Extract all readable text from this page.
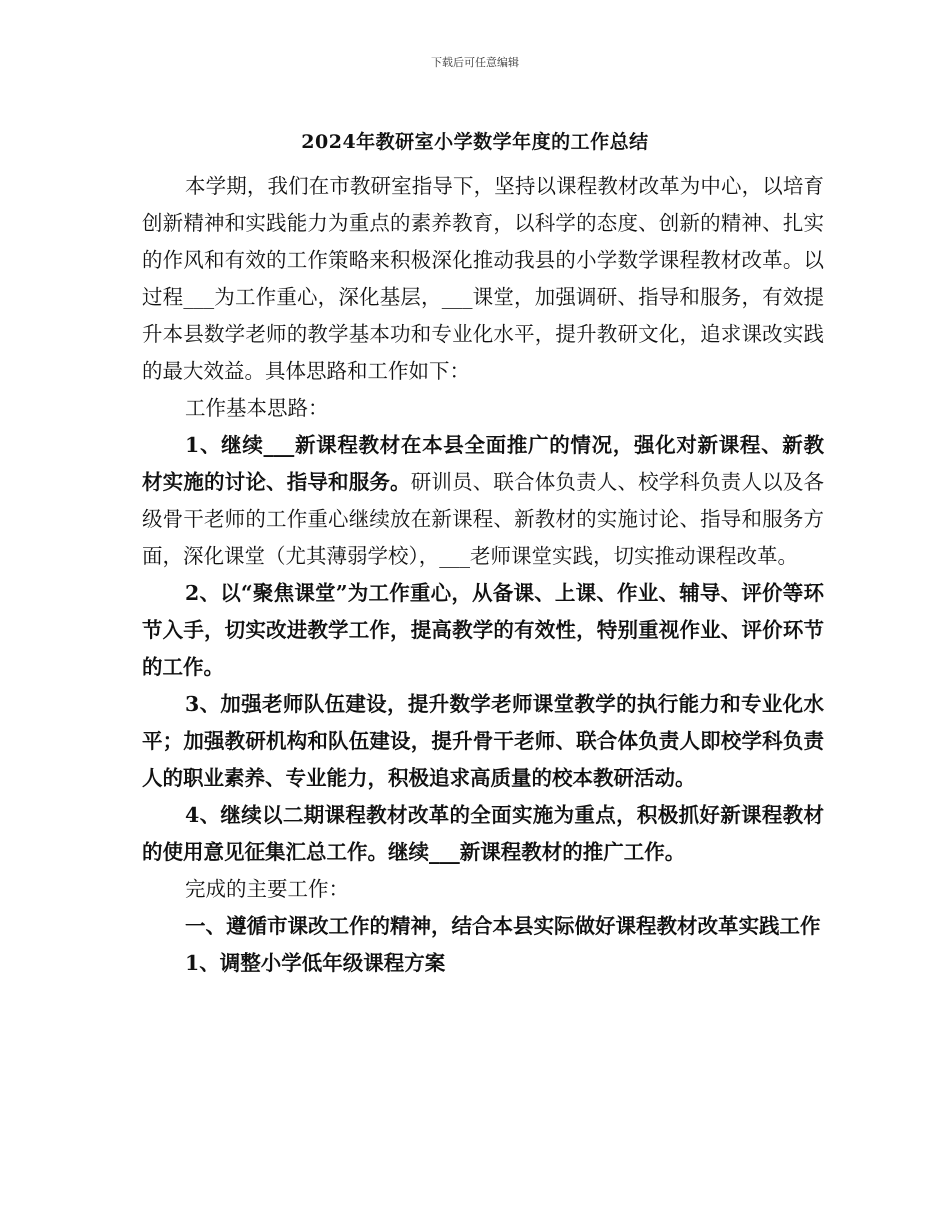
下载后可任意编辑
2024年教研室小学数学年度的工作总结

本学期，我们在市教研室指导下，坚持以课程教材改革为中心，以培育创新精神和实践能力为重点的素养教育，以科学的态度、创新的精神、扎实的作风和有效的工作策略来积极深化推动我县的小学数学课程教材改革。以过程___为工作重心，深化基层，___课堂，加强调研、指导和服务，有效提升本县数学老师的教学基本功和专业化水平，提升教研文化，追求课改实践的最大效益。具体思路和工作如下：

工作基本思路：

1、继续___新课程教材在本县全面推广的情况，强化对新课程、新教材实施的讨论、指导和服务。研训员、联合体负责人、校学科负责人以及各级骨干老师的工作重心继续放在新课程、新教材的实施讨论、指导和服务方面，深化课堂（尤其薄弱学校），___老师课堂实践，切实推动课程改革。

2、以“聚焦课堂”为工作重心，从备课、上课、作业、辅导、评价等环节入手，切实改进教学工作，提高教学的有效性，特别重视作业、评价环节的工作。

3、加强老师队伍建设，提升数学老师课堂教学的执行能力和专业化水平；加强教研机构和队伍建设，提升骨干老师、联合体负责人即校学科负责人的职业素养、专业能力，积极追求高质量的校本教研活动。

4、继续以二期课程教材改革的全面实施为重点，积极抓好新课程教材的使用意见征集汇总工作。继续___新课程教材的推广工作。

完成的主要工作：

一、遵循市课改工作的精神，结合本县实际做好课程教材改革实践工作

1、调整小学低年级课程方案
